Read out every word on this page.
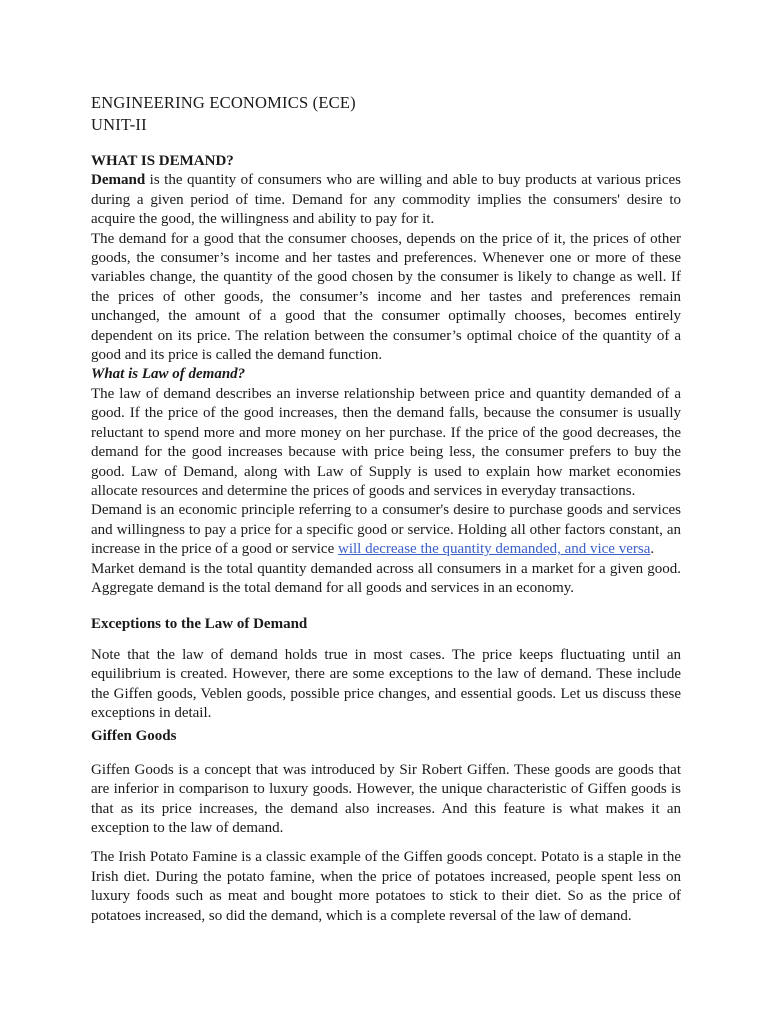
ENGINEERING ECONOMICS (ECE)
UNIT-II
WHAT IS DEMAND?

Demand is the quantity of consumers who are willing and able to buy products at various prices during a given period of time. Demand for any commodity implies the consumers' desire to acquire the good, the willingness and ability to pay for it.

The demand for a good that the consumer chooses, depends on the price of it, the prices of other goods, the consumer’s income and her tastes and preferences. Whenever one or more of these variables change, the quantity of the good chosen by the consumer is likely to change as well. If the prices of other goods, the consumer’s income and her tastes and preferences remain unchanged, the amount of a good that the consumer optimally chooses, becomes entirely dependent on its price. The relation between the consumer’s optimal choice of the quantity of a good and its price is called the demand function.

What is Law of demand?

The law of demand describes an inverse relationship between price and quantity demanded of a good. If the price of the good increases, then the demand falls, because the consumer is usually reluctant to spend more and more money on her purchase. If the price of the good decreases, the demand for the good increases because with price being less, the consumer prefers to buy the good. Law of Demand, along with Law of Supply is used to explain how market economies allocate resources and determine the prices of goods and services in everyday transactions.

Demand is an economic principle referring to a consumer's desire to purchase goods and services and willingness to pay a price for a specific good or service. Holding all other factors constant, an increase in the price of a good or service will decrease the quantity demanded, and vice versa.

Market demand is the total quantity demanded across all consumers in a market for a given good. Aggregate demand is the total demand for all goods and services in an economy.

Exceptions to the Law of Demand

Note that the law of demand holds true in most cases. The price keeps fluctuating until an equilibrium is created. However, there are some exceptions to the law of demand. These include the Giffen goods, Veblen goods, possible price changes, and essential goods. Let us discuss these exceptions in detail.

Giffen Goods

Giffen Goods is a concept that was introduced by Sir Robert Giffen. These goods are goods that are inferior in comparison to luxury goods. However, the unique characteristic of Giffen goods is that as its price increases, the demand also increases. And this feature is what makes it an exception to the law of demand.

The Irish Potato Famine is a classic example of the Giffen goods concept. Potato is a staple in the Irish diet. During the potato famine, when the price of potatoes increased, people spent less on luxury foods such as meat and bought more potatoes to stick to their diet. So as the price of potatoes increased, so did the demand, which is a complete reversal of the law of demand.
